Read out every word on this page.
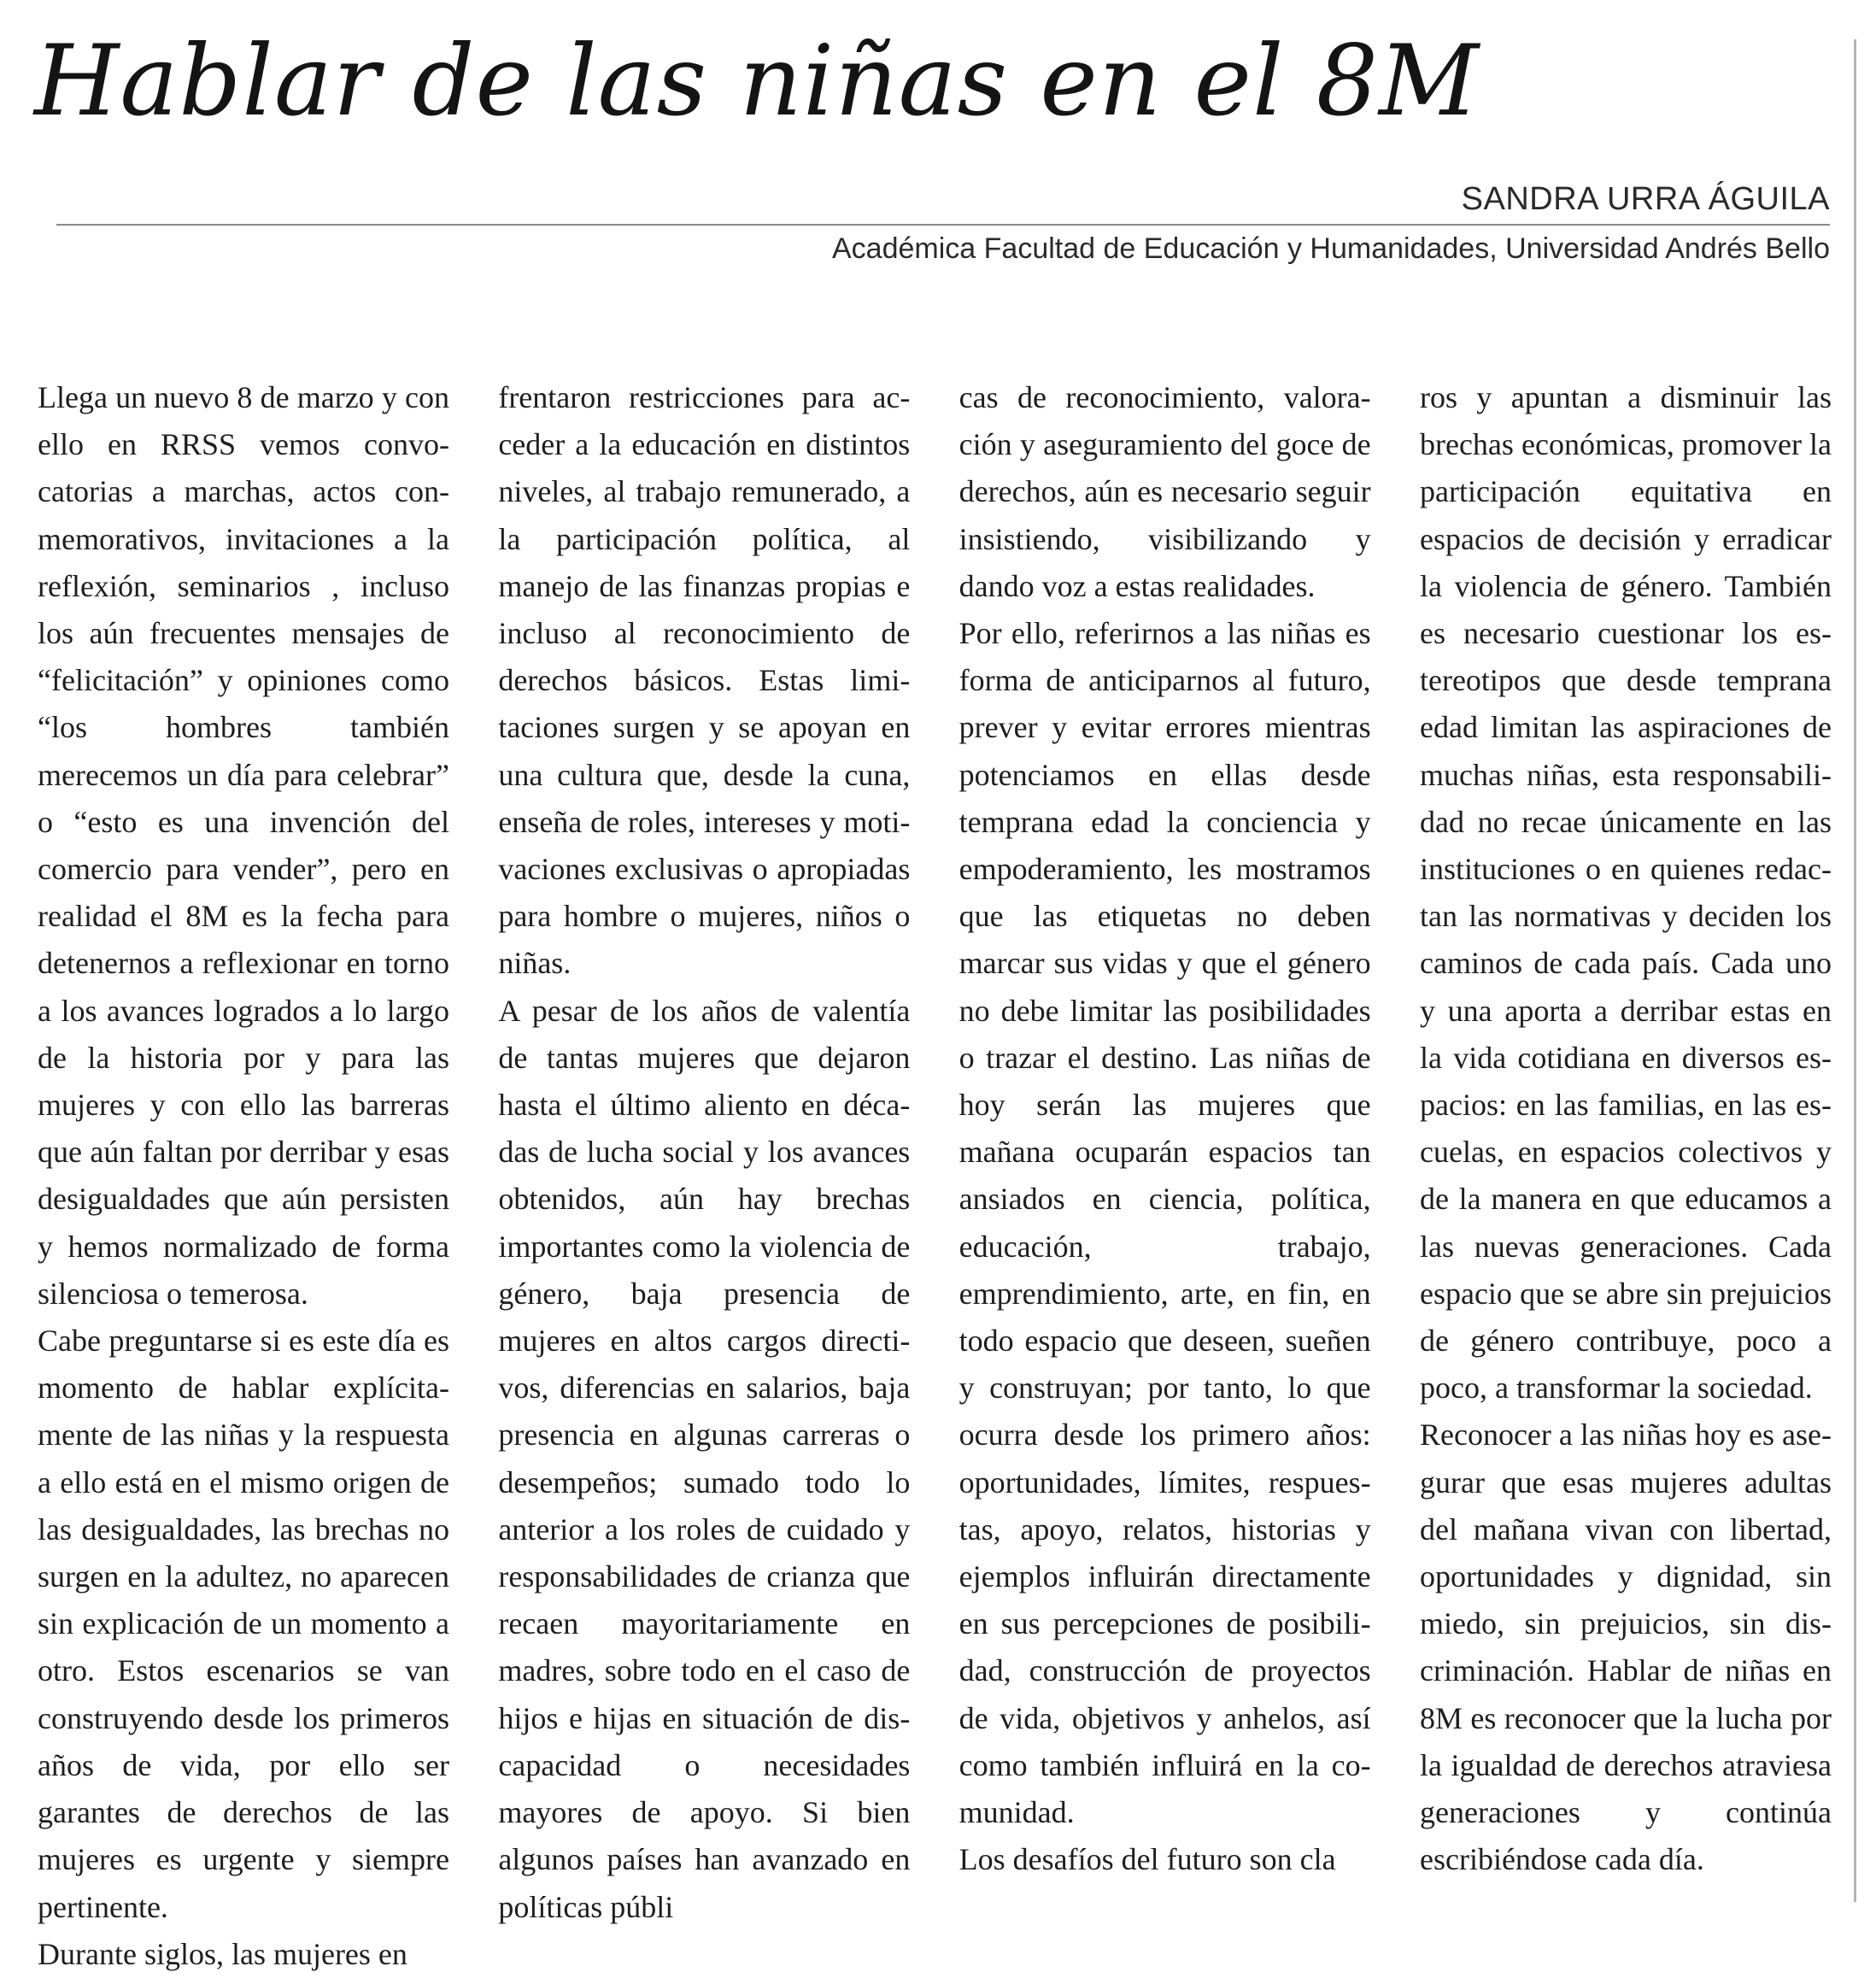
Hablar de las niñas en el 8M
SANDRA URRA ÁGUILA
Académica Facultad de Educación y Humanidades, Universidad Andrés Bello

Llega un nuevo 8 de marzo y con ello en RRSS vemos convocatorias a marchas, actos conmemorativos, invitaciones a la reflexión, seminarios , incluso los aún frecuentes mensajes de “felicitación” y opiniones como “los hombres también merecemos un día para celebrar” o “esto es una invención del comercio para vender”, pero en realidad el 8M es la fecha para detenernos a reflexionar en torno a los avances logrados a lo largo de la historia por y para las mujeres y con ello las barreras que aún faltan por derribar y esas desigualdades que aún persisten y hemos normalizado de forma silenciosa o temerosa.

Cabe preguntarse si es este día es momento de hablar explícitamente de las niñas y la respuesta a ello está en el mismo origen de las desigualdades, las brechas no surgen en la adultez, no aparecen sin explicación de un momento a otro. Estos escenarios se van construyendo desde los primeros años de vida, por ello ser garantes de derechos de las mujeres es urgente y siempre pertinente.

Durante siglos, las mujeres en

frentaron restricciones para acceder a la educación en distintos niveles, al trabajo remunerado, a la participación política, al manejo de las finanzas propias e incluso al reconocimiento de derechos básicos. Estas limitaciones surgen y se apoyan en una cultura que, desde la cuna, enseña de roles, intereses y motivaciones exclusivas o apropiadas para hombre o mujeres, niños o niñas.

A pesar de los años de valentía de tantas mujeres que dejaron hasta el último aliento en décadas de lucha social y los avances obtenidos, aún hay brechas importantes como la violencia de género, baja presencia de mujeres en altos cargos directivos, diferencias en salarios, baja presencia en algunas carreras o desempeños; sumado todo lo anterior a los roles de cuidado y responsabilidades de crianza que recaen mayoritariamente en madres, sobre todo en el caso de hijos e hijas en situación de discapacidad o necesidades mayores de apoyo. Si bien algunos países han avanzado en políticas públi

cas de reconocimiento, valoración y aseguramiento del goce de derechos, aún es necesario seguir insistiendo, visibilizando y dando voz a estas realidades.

Por ello, referirnos a las niñas es forma de anticiparnos al futuro, prever y evitar errores mientras potenciamos en ellas desde temprana edad la conciencia y empoderamiento, les mostramos que las etiquetas no deben marcar sus vidas y que el género no debe limitar las posibilidades o trazar el destino. Las niñas de hoy serán las mujeres que mañana ocuparán espacios tan ansiados en ciencia, política, educación, trabajo, emprendimiento, arte, en fin, en todo espacio que deseen, sueñen y construyan; por tanto, lo que ocurra desde los primero años: oportunidades, límites, respuestas, apoyo, relatos, historias y ejemplos influirán directamente en sus percepciones de posibilidad, construcción de proyectos de vida, objetivos y anhelos, así como también influirá en la comunidad.

Los desafíos del futuro son cla

ros y apuntan a disminuir las brechas económicas, promover la participación equitativa en espacios de decisión y erradicar la violencia de género. También es necesario cuestionar los estereotipos que desde temprana edad limitan las aspiraciones de muchas niñas, esta responsabilidad no recae únicamente en las instituciones o en quienes redactan las normativas y deciden los caminos de cada país. Cada uno y una aporta a derribar estas en la vida cotidiana en diversos espacios: en las familias, en las escuelas, en espacios colectivos y de la manera en que educamos a las nuevas generaciones. Cada espacio que se abre sin prejuicios de género contribuye, poco a poco, a transformar la sociedad.

Reconocer a las niñas hoy es asegurar que esas mujeres adultas del mañana vivan con libertad, oportunidades y dignidad, sin miedo, sin prejuicios, sin discriminación. Hablar de niñas en 8M es reconocer que la lucha por la igualdad de derechos atraviesa generaciones y continúa escribiéndose cada día.
